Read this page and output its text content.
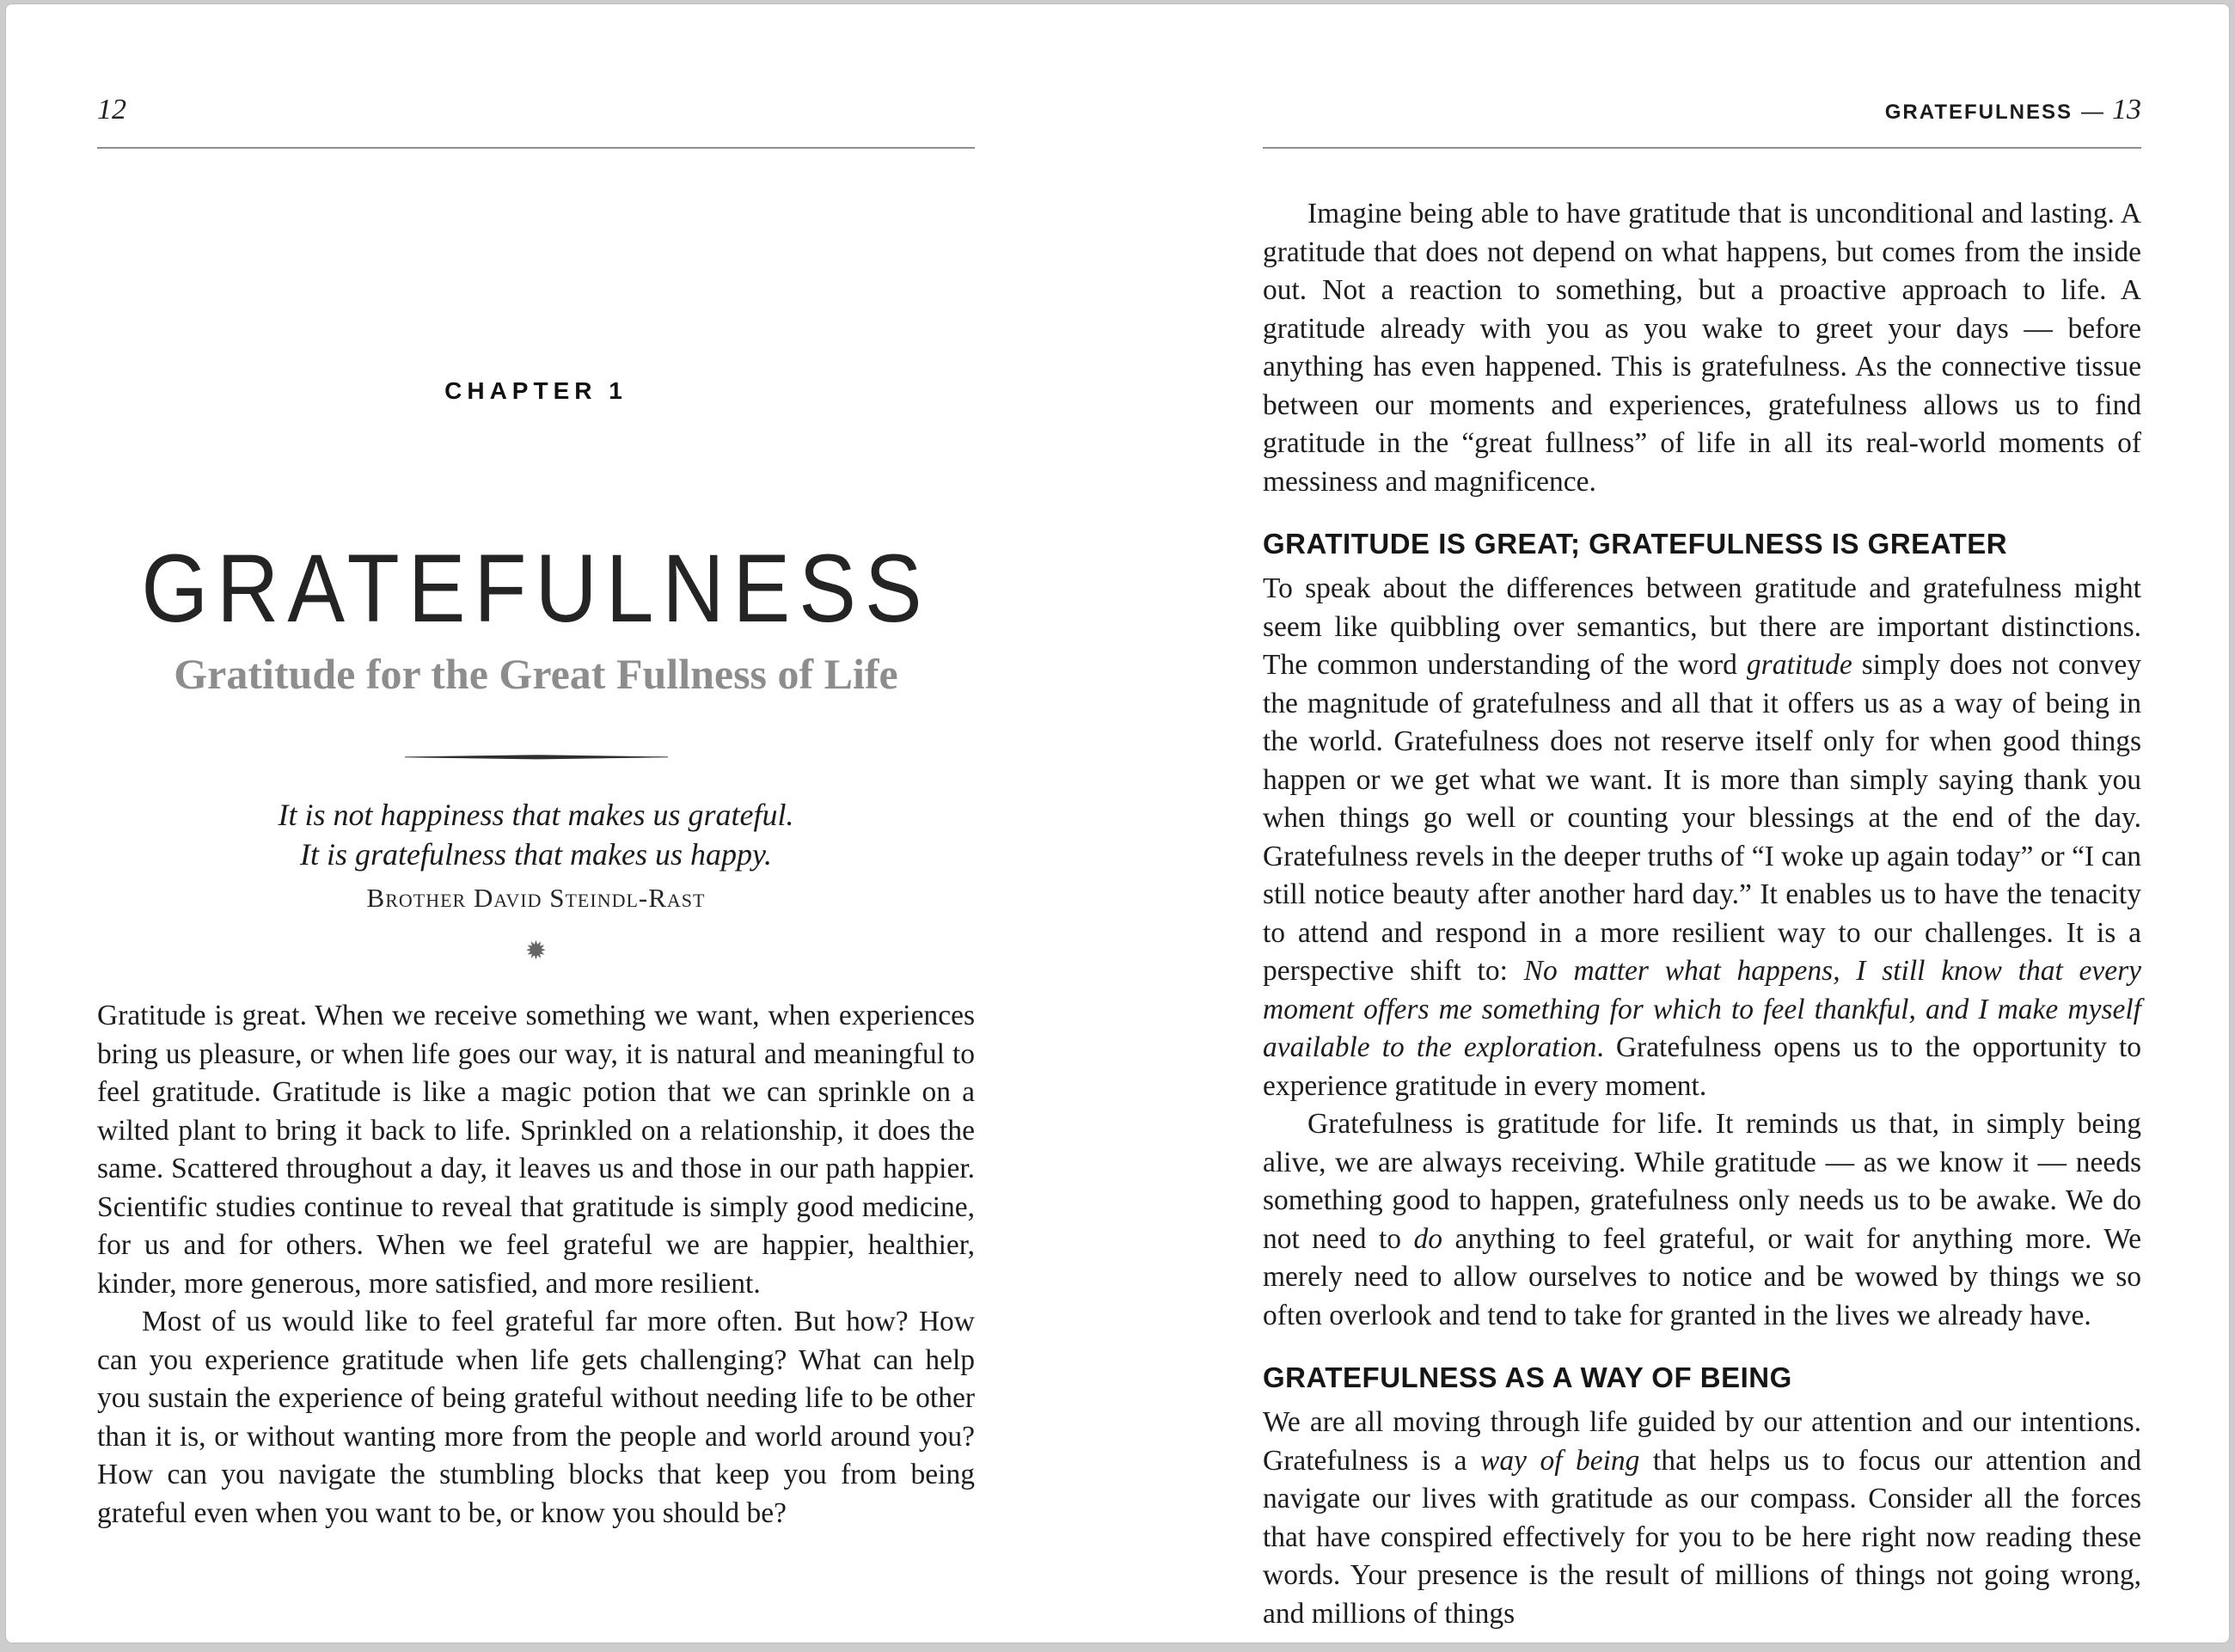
12
CHAPTER 1
GRATEFULNESS
Gratitude for the Great Fullness of Life
It is not happiness that makes us grateful.
It is gratefulness that makes us happy.
Brother David Steindl-Rast
✹

Gratitude is great. When we receive something we want, when experiences bring us pleasure, or when life goes our way, it is natural and meaningful to feel gratitude. Gratitude is like a magic potion that we can sprinkle on a wilted plant to bring it back to life. Sprinkled on a relationship, it does the same. Scattered throughout a day, it leaves us and those in our path happier. Scientific studies continue to reveal that gratitude is simply good medicine, for us and for others. When we feel grateful we are happier, healthier, kinder, more generous, more satisfied, and more resilient.

Most of us would like to feel grateful far more often. But how? How can you experience gratitude when life gets challenging? What can help you sustain the experience of being grateful without needing life to be other than it is, or without wanting more from the people and world around you? How can you navigate the stumbling blocks that keep you from being grateful even when you want to be, or know you should be?

GRATEFULNESS — 13

Imagine being able to have gratitude that is unconditional and lasting. A gratitude that does not depend on what happens, but comes from the inside out. Not a reaction to something, but a proactive approach to life. A gratitude already with you as you wake to greet your days — before anything has even happened. This is gratefulness. As the connective tissue between our moments and experiences, gratefulness allows us to find gratitude in the “great fullness” of life in all its real-world moments of messiness and magnificence.

GRATITUDE IS GREAT; GRATEFULNESS IS GREATER

To speak about the differences between gratitude and gratefulness might seem like quibbling over semantics, but there are important distinctions. The common understanding of the word gratitude simply does not convey the magnitude of gratefulness and all that it offers us as a way of being in the world. Gratefulness does not reserve itself only for when good things happen or we get what we want. It is more than simply saying thank you when things go well or counting your blessings at the end of the day. Gratefulness revels in the deeper truths of “I woke up again today” or “I can still notice beauty after another hard day.” It enables us to have the tenacity to attend and respond in a more resilient way to our challenges. It is a perspective shift to: No matter what happens, I still know that every moment offers me something for which to feel thankful, and I make myself available to the exploration. Gratefulness opens us to the opportunity to experience gratitude in every moment.

Gratefulness is gratitude for life. It reminds us that, in simply being alive, we are always receiving. While gratitude — as we know it — needs something good to happen, gratefulness only needs us to be awake. We do not need to do anything to feel grateful, or wait for anything more. We merely need to allow ourselves to notice and be wowed by things we so often overlook and tend to take for granted in the lives we already have.

GRATEFULNESS AS A WAY OF BEING

We are all moving through life guided by our attention and our intentions. Gratefulness is a way of being that helps us to focus our attention and navigate our lives with gratitude as our compass. Consider all the forces that have conspired effectively for you to be here right now reading these words. Your presence is the result of millions of things not going wrong, and millions of things
